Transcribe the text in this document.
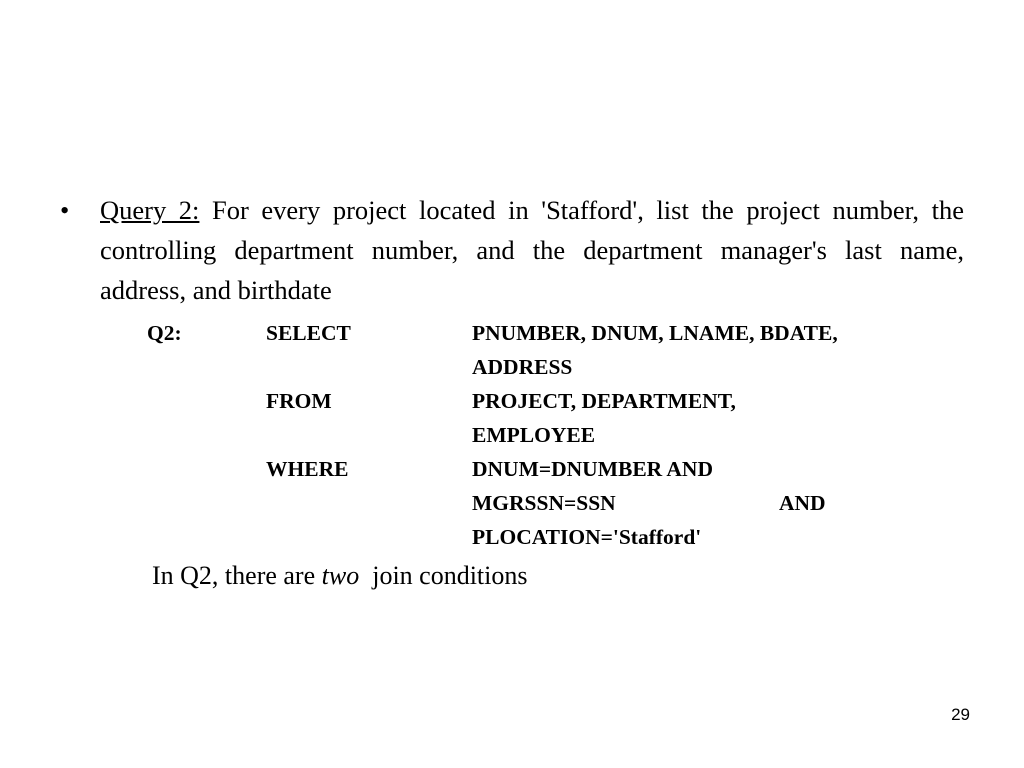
•	Query 2: For every project located in 'Stafford', list the project number, the controlling department number, and the department manager's last name, address, and birthdate
Q2:	SELECT	PNUMBER, DNUM, LNAME, BDATE,
ADDRESS
FROM	PROJECT, DEPARTMENT,
EMPLOYEE
WHERE	DNUM=DNUMBER AND
MGRSSN=SSN	AND
PLOCATION='Stafford'
In Q2, there are two  join conditions
29
